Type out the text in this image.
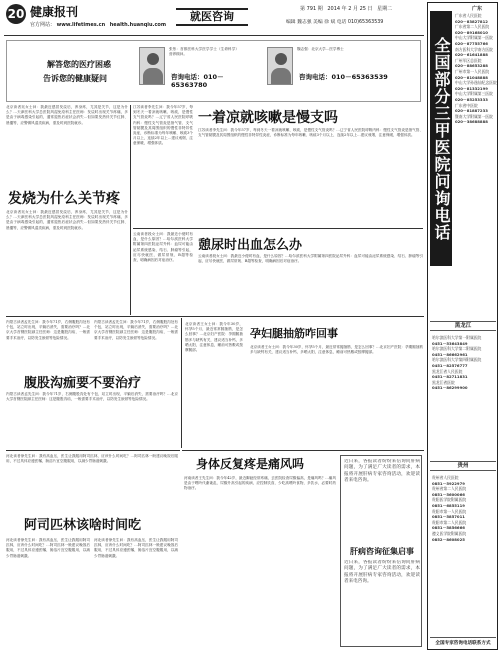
20 健康报刊
官方网站： www.lifetimes.cn health.huanqiu.com
就医咨询
第 791 期 2014 年 2 月 25 日 星期二
编辑 魏志强 美编 徐 斌 电话 010)65363539
解答您的医疗困惑
告诉您的健康疑问
张彤：首都医科大学医学学士（生命科学）营养顾问。
咨询电话：010－65363780
魏志强：北京大学…医学博士
咨询电话：010－65363539
北京读者吴女士问：我最近感冒发烧后，浑身疼，尤其是关节，这是为什么？…天津医科大学总医院风湿免疫科主任医师：发烧时出现关节疼痛，多是由于病毒感染引起的，通常退热后症状会消失…但如果发热伴关节红肿、晨僵等，应警惕风湿类疾病，需及时到医院就诊。
发烧为什么关节疼
北京读者吴女士问：我最近感冒发烧后，浑身疼，尤其是关节，这是为什么？…天津医科大学总医院风湿免疫科主任医师：发烧时出现关节疼痛，多是由于病毒感染引起的，通常退热后症状会消失…但如果发热伴关节红肿、晨僵等，应警惕风湿类疾病，需及时到医院就诊。
江苏读者李先生问：我今年57岁，每到冬天一着凉就咳嗽、咳痰，是慢性支气管炎吗？…辽宁省人民医院呼吸内科：慢性支气管炎是指气管、支气管黏膜及其周围组织的慢性非特异性炎症，诊断标准为每年咳嗽、咳痰3个月以上，连续2年以上…建议戒烟，注意保暖，增强体质。
一着凉就咳嗽是慢支吗
江苏读者李先生问：我今年57岁，每到冬天一着凉就咳嗽、咳痰，是慢性支气管炎吗？…辽宁省人民医院呼吸内科：慢性支气管炎是指气管、支气管黏膜及其周围组织的慢性非特异性炎症，诊断标准为每年咳嗽、咳痰3个月以上，连续2年以上…建议戒烟，注意保暖，增强体质。
云南读者段女士问：我最近小便时有血，是什么原因？…哈尔滨医科大学附属第四医院泌尿外科：血尿可能由泌尿系统感染、结石、肿瘤等引起，应尽快就医，做尿常规、B超等检查，明确病因后对症治疗。
憩尿时出血怎么办
云南读者段女士问：我最近小便时有血，是什么原因？…哈尔滨医科大学附属第四医院泌尿外科：血尿可能由泌尿系统感染、结石、肿瘤等引起，应尽快就医，做尿常规、B超等检查，明确病因后对症治疗。
内蒙古读者孟先生问：我今年71岁，右侧腹股沟处有个包，站立时出现，平躺后消失，需要治疗吗？…北京大学首钢医院副主任医师：这是腹股沟疝，一般需要手术治疗，以防发生嵌顿等危险情况。
内蒙古读者孟先生问：我今年71岁，右侧腹股沟处有个包，站立时出现，平躺后消失，需要治疗吗？…北京大学首钢医院副主任医师：这是腹股沟疝，一般需要手术治疗，以防发生嵌顿等危险情况。
腹股沟痂要不要治疗
内蒙古读者孟先生问：我今年71岁，右侧腹股沟处有个包，站立时出现，平躺后消失，需要治疗吗？…北京大学首钢医院副主任医师：这是腹股沟疝，一般需要手术治疗，以防发生嵌顿等危险情况。
北京读者王女士问：我今年30岁，怀孕5个月，最近常常腿抽筋，是怎么回事？…北京妇产医院：孕期腿抽筋多与缺钙有关，建议适当补钙，多晒太阳，注意休息，睡前可热敷或按摩腿部。
孕妇腿抽筋咋回事
北京读者王女士问：我今年30岁，怀孕5个月，最近常常腿抽筋，是怎么回事？…北京妇产医院：孕期腿抽筋多与缺钙有关，建议适当补钙，多晒太阳，注意休息，睡前可热敷或按摩腿部。
身体反复疼是痛风吗
河南读者王先生问：我今年42岁，最近脚趾经常疼痛，去医院检查尿酸偏高，是痛风吗？…痛风是由于嘌呤代谢紊乱、尿酸升高引起的疾病，应控制饮食，少吃高嘌呤食物，多饮水，必要时药物治疗。
河北读者徐先生问：我有高血压，医生让我服用阿司匹林，应该什么时间吃？…阿司匹林一般建议晚饭后服用，不过具体应遵医嘱，肠溶片宜空腹服用，以减少胃肠道刺激。
阿司匹林该啥时间吃
河北读者徐先生问：我有高血压，医生让我服用阿司匹林，应该什么时间吃？…阿司匹林一般建议晚饭后服用，不过具体应遵医嘱，肠溶片宜空腹服用，以减少胃肠道刺激。
河北读者徐先生问：我有高血压，医生让我服用阿司匹林，应该什么时间吃？…阿司匹林一般建议晚饭后服用，不过具体应遵医嘱，肠溶片宜空腹服用，以减少胃肠道刺激。
近日来，各报读者纷纷来信询问肝病问题，为了满足广大读者的需求，本报将开展肝病专家咨询活动，欢迎读者来电咨询。
肝病咨询征集启事
近日来，各报读者纷纷来信询问肝病问题，为了满足广大读者的需求，本报将开展肝病专家咨询活动，欢迎读者来电咨询。
广东
全国部分三甲医院问询电话
广东省人民医院
020－83827812
广东省第二人民医院
020－89168010
中山大学附属第一医院
020－87755766
南方医科大学南方医院
020－61641888
广州军区总医院
020－88653288
广州市第一人民医院
020－81048888
中山大学孙逸仙纪念医院
020－81332199
中山大学附属第三医院
020－85253333
广东省中医院
020－81887233
暨南大学附属第一医院
020－38688888
黑龙江
哈尔滨医科大学第一附属医院
0451－53643849
哈尔滨医科大学第二附属医院
0451－86662961
哈尔滨医科大学第四附属医院
0451－82576777
黑龙江省人民医院
0451－82711831
黑龙江省医院
0451－86299900
贵州
贵州省人民医院
0851－5922979
贵州省第二人民医院
0851－5600066
贵阳医学院附属医院
0851－6855119
贵阳市第一人民医院
0851－5857011
贵阳市第二人民医院
0851－5856666
遵义医学院附属医院
0852－8608025
全国专家咨询电话联系方式
